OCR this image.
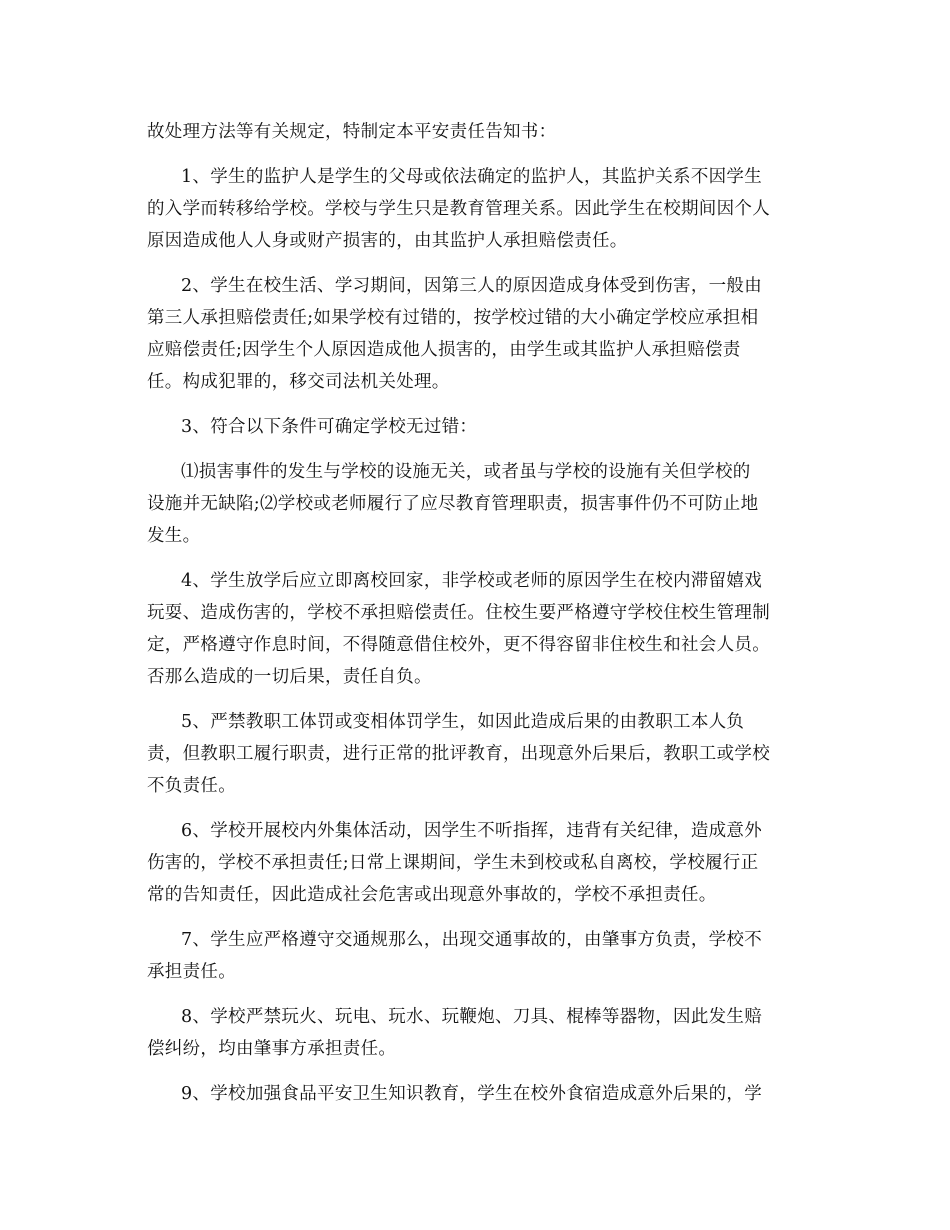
故处理方法等有关规定，特制定本平安责任告知书：

1、学生的监护人是学生的父母或依法确定的监护人，其监护关系不因学生

的入学而转移给学校。学校与学生只是教育管理关系。因此学生在校期间因个人

原因造成他人人身或财产损害的，由其监护人承担赔偿责任。

2、学生在校生活、学习期间，因第三人的原因造成身体受到伤害，一般由

第三人承担赔偿责任;如果学校有过错的，按学校过错的大小确定学校应承担相

应赔偿责任;因学生个人原因造成他人损害的，由学生或其监护人承担赔偿责

任。构成犯罪的，移交司法机关处理。

3、符合以下条件可确定学校无过错：

⑴损害事件的发生与学校的设施无关，或者虽与学校的设施有关但学校的

设施并无缺陷;⑵学校或老师履行了应尽教育管理职责，损害事件仍不可防止地

发生。

4、学生放学后应立即离校回家，非学校或老师的原因学生在校内滞留嬉戏

玩耍、造成伤害的，学校不承担赔偿责任。住校生要严格遵守学校住校生管理制

定，严格遵守作息时间，不得随意借住校外，更不得容留非住校生和社会人员。

否那么造成的一切后果，责任自负。

5、严禁教职工体罚或变相体罚学生，如因此造成后果的由教职工本人负

责，但教职工履行职责，进行正常的批评教育，出现意外后果后，教职工或学校

不负责任。

6、学校开展校内外集体活动，因学生不听指挥，违背有关纪律，造成意外

伤害的，学校不承担责任;日常上课期间，学生未到校或私自离校，学校履行正

常的告知责任，因此造成社会危害或出现意外事故的，学校不承担责任。

7、学生应严格遵守交通规那么，出现交通事故的，由肇事方负责，学校不

承担责任。

8、学校严禁玩火、玩电、玩水、玩鞭炮、刀具、棍棒等器物，因此发生赔

偿纠纷，均由肇事方承担责任。

9、学校加强食品平安卫生知识教育，学生在校外食宿造成意外后果的，学
